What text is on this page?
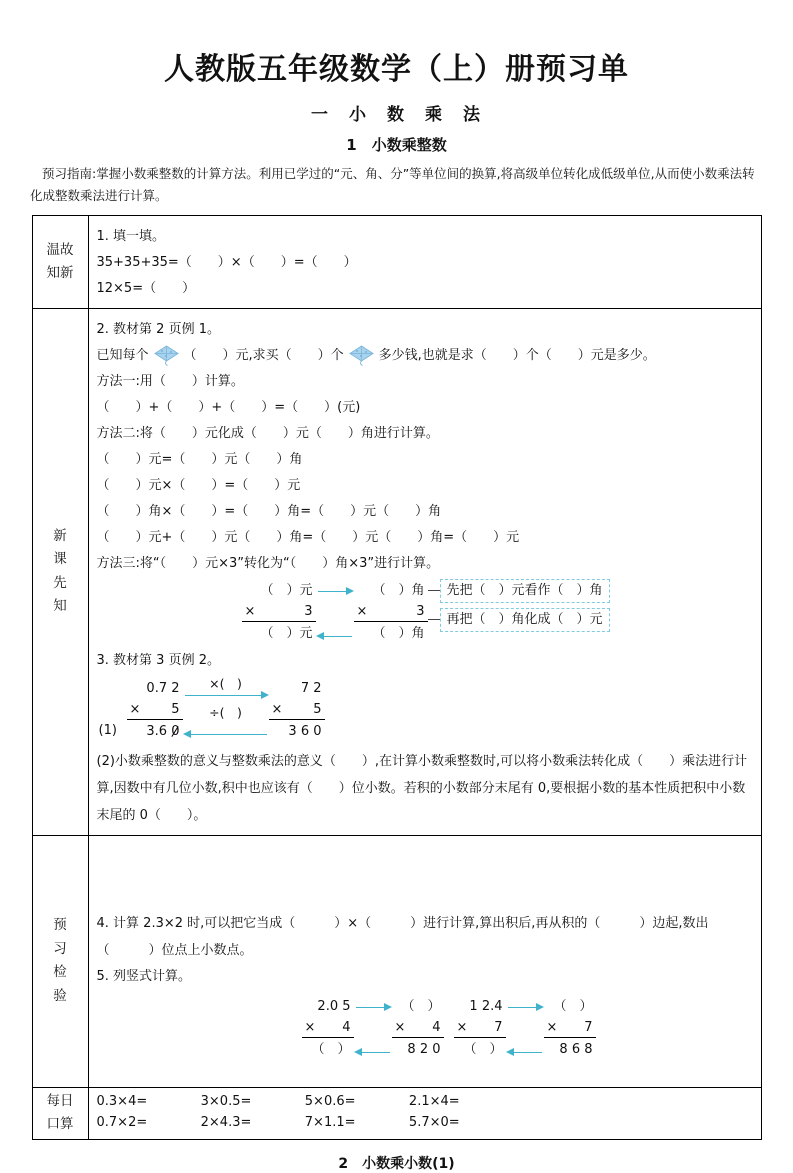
人教版五年级数学（上）册预习单
一　小　数　乘　法
1　小数乘整数

预习指南:掌握小数乘整数的计算方法。利用已学过的“元、角、分”等单位间的换算,将高级单位转化成低级单位,从而使小数乘法转化成整数乘法进行计算。

温故知新
1. 填一填。
35+35+35=（　　）×（　　）=（　　）
12×5=（　　）
新课先知
2. 教材第 2 页例 1。
已知每个	（　　）元,求买（　　）个	多少钱,也就是求（　　）个（　　）元是多少。
方法一:用（　　）计算。
（　　）+（　　）+（　　）=（　　）(元)
方法二:将（　　）元化成（　　）元（　　）角进行计算。
（　　）元=（　　）元（　　）角
（　　）元×（　　）=（　　）元
（　　）角×（　　）=（　　）角=（　　）元（　　）角
（　　）元+（　　）元（　　）角=（　　）元（　　）角=（　　）元
方法三:将“（　　）元×3”转化为“（　　）角×3”进行计算。
（　）元
×	3
（　）元
（　）角
×	3
（　）角
先把（　）元看作（　）角
再把（　）角化成（　）元
3. 教材第 3 页例 2。
(1)
0.7 2
× 5
3.6 0
×(　)
÷(　)
7 2
× 5
3 6 0
(2)小数乘整数的意义与整数乘法的意义（　　）,在计算小数乘整数时,可以将小数乘法转化成（　　）乘法进行计算,因数中有几位小数,积中也应该有（　　）位小数。若积的小数部分末尾有 0,要根据小数的基本性质把积中小数末尾的 0（　　）。
预习检验
4. 计算 2.3×2 时,可以把它当成（　　　）×（　　　）进行计算,算出积后,再从积的（　　　）边起,数出（　　　）位点上小数点。
5. 列竖式计算。
2.0 5
× 4
（　）
（　）
× 4
8 2 0
1 2.4
× 7
（　）
（　）
× 7
8 6 8
每日口算
0.3×4=	3×0.5=	5×0.6=	2.1×4=
0.7×2=	2×4.3=	7×1.1=	5.7×0=
2　小数乘小数(1)
